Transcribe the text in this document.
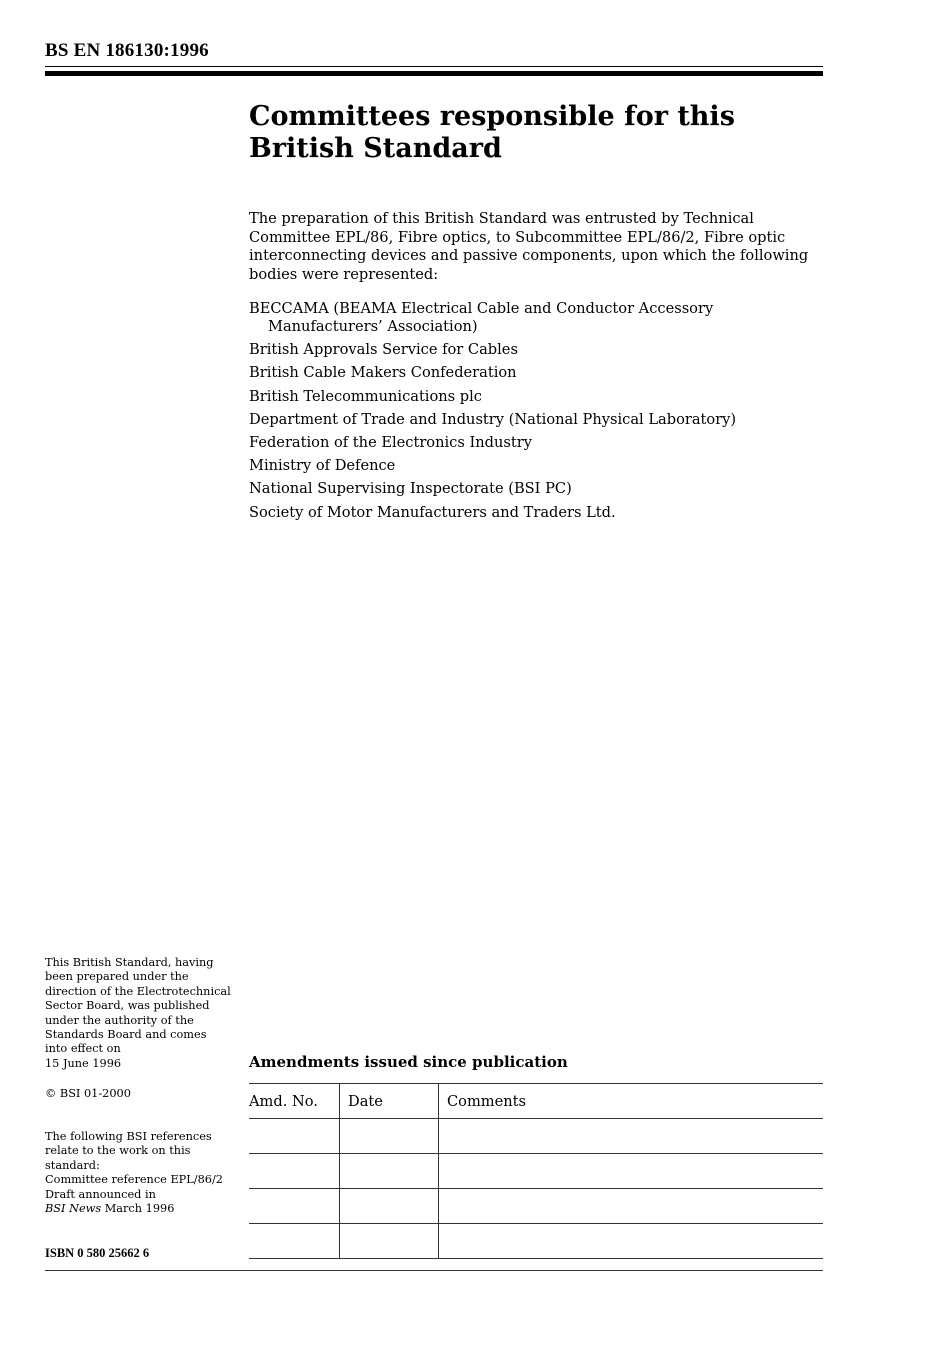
BS EN 186130:1996
Committees responsible for this British Standard

The preparation of this British Standard was entrusted by Technical Committee EPL/86, Fibre optics, to Subcommittee EPL/86/2, Fibre optic interconnecting devices and passive components, upon which the following bodies were represented:

BECCAMA (BEAMA Electrical Cable and Conductor Accessory Manufacturers’ Association)
British Approvals Service for Cables
British Cable Makers Confederation
British Telecommunications plc
Department of Trade and Industry (National Physical Laboratory)
Federation of the Electronics Industry
Ministry of Defence
National Supervising Inspectorate (BSI PC)
Society of Motor Manufacturers and Traders Ltd.
This British Standard, having
been prepared under the
direction of the Electrotechnical
Sector Board, was published
under the authority of the
Standards Board and comes
into effect on
15 June 1996
© BSI 01-2000
The following BSI references
relate to the work on this
standard:
Committee reference EPL/86/2
Draft announced in
BSI News March 1996
ISBN 0 580 25662 6
Amendments issued since publication
Amd. No.	Date	Comments
